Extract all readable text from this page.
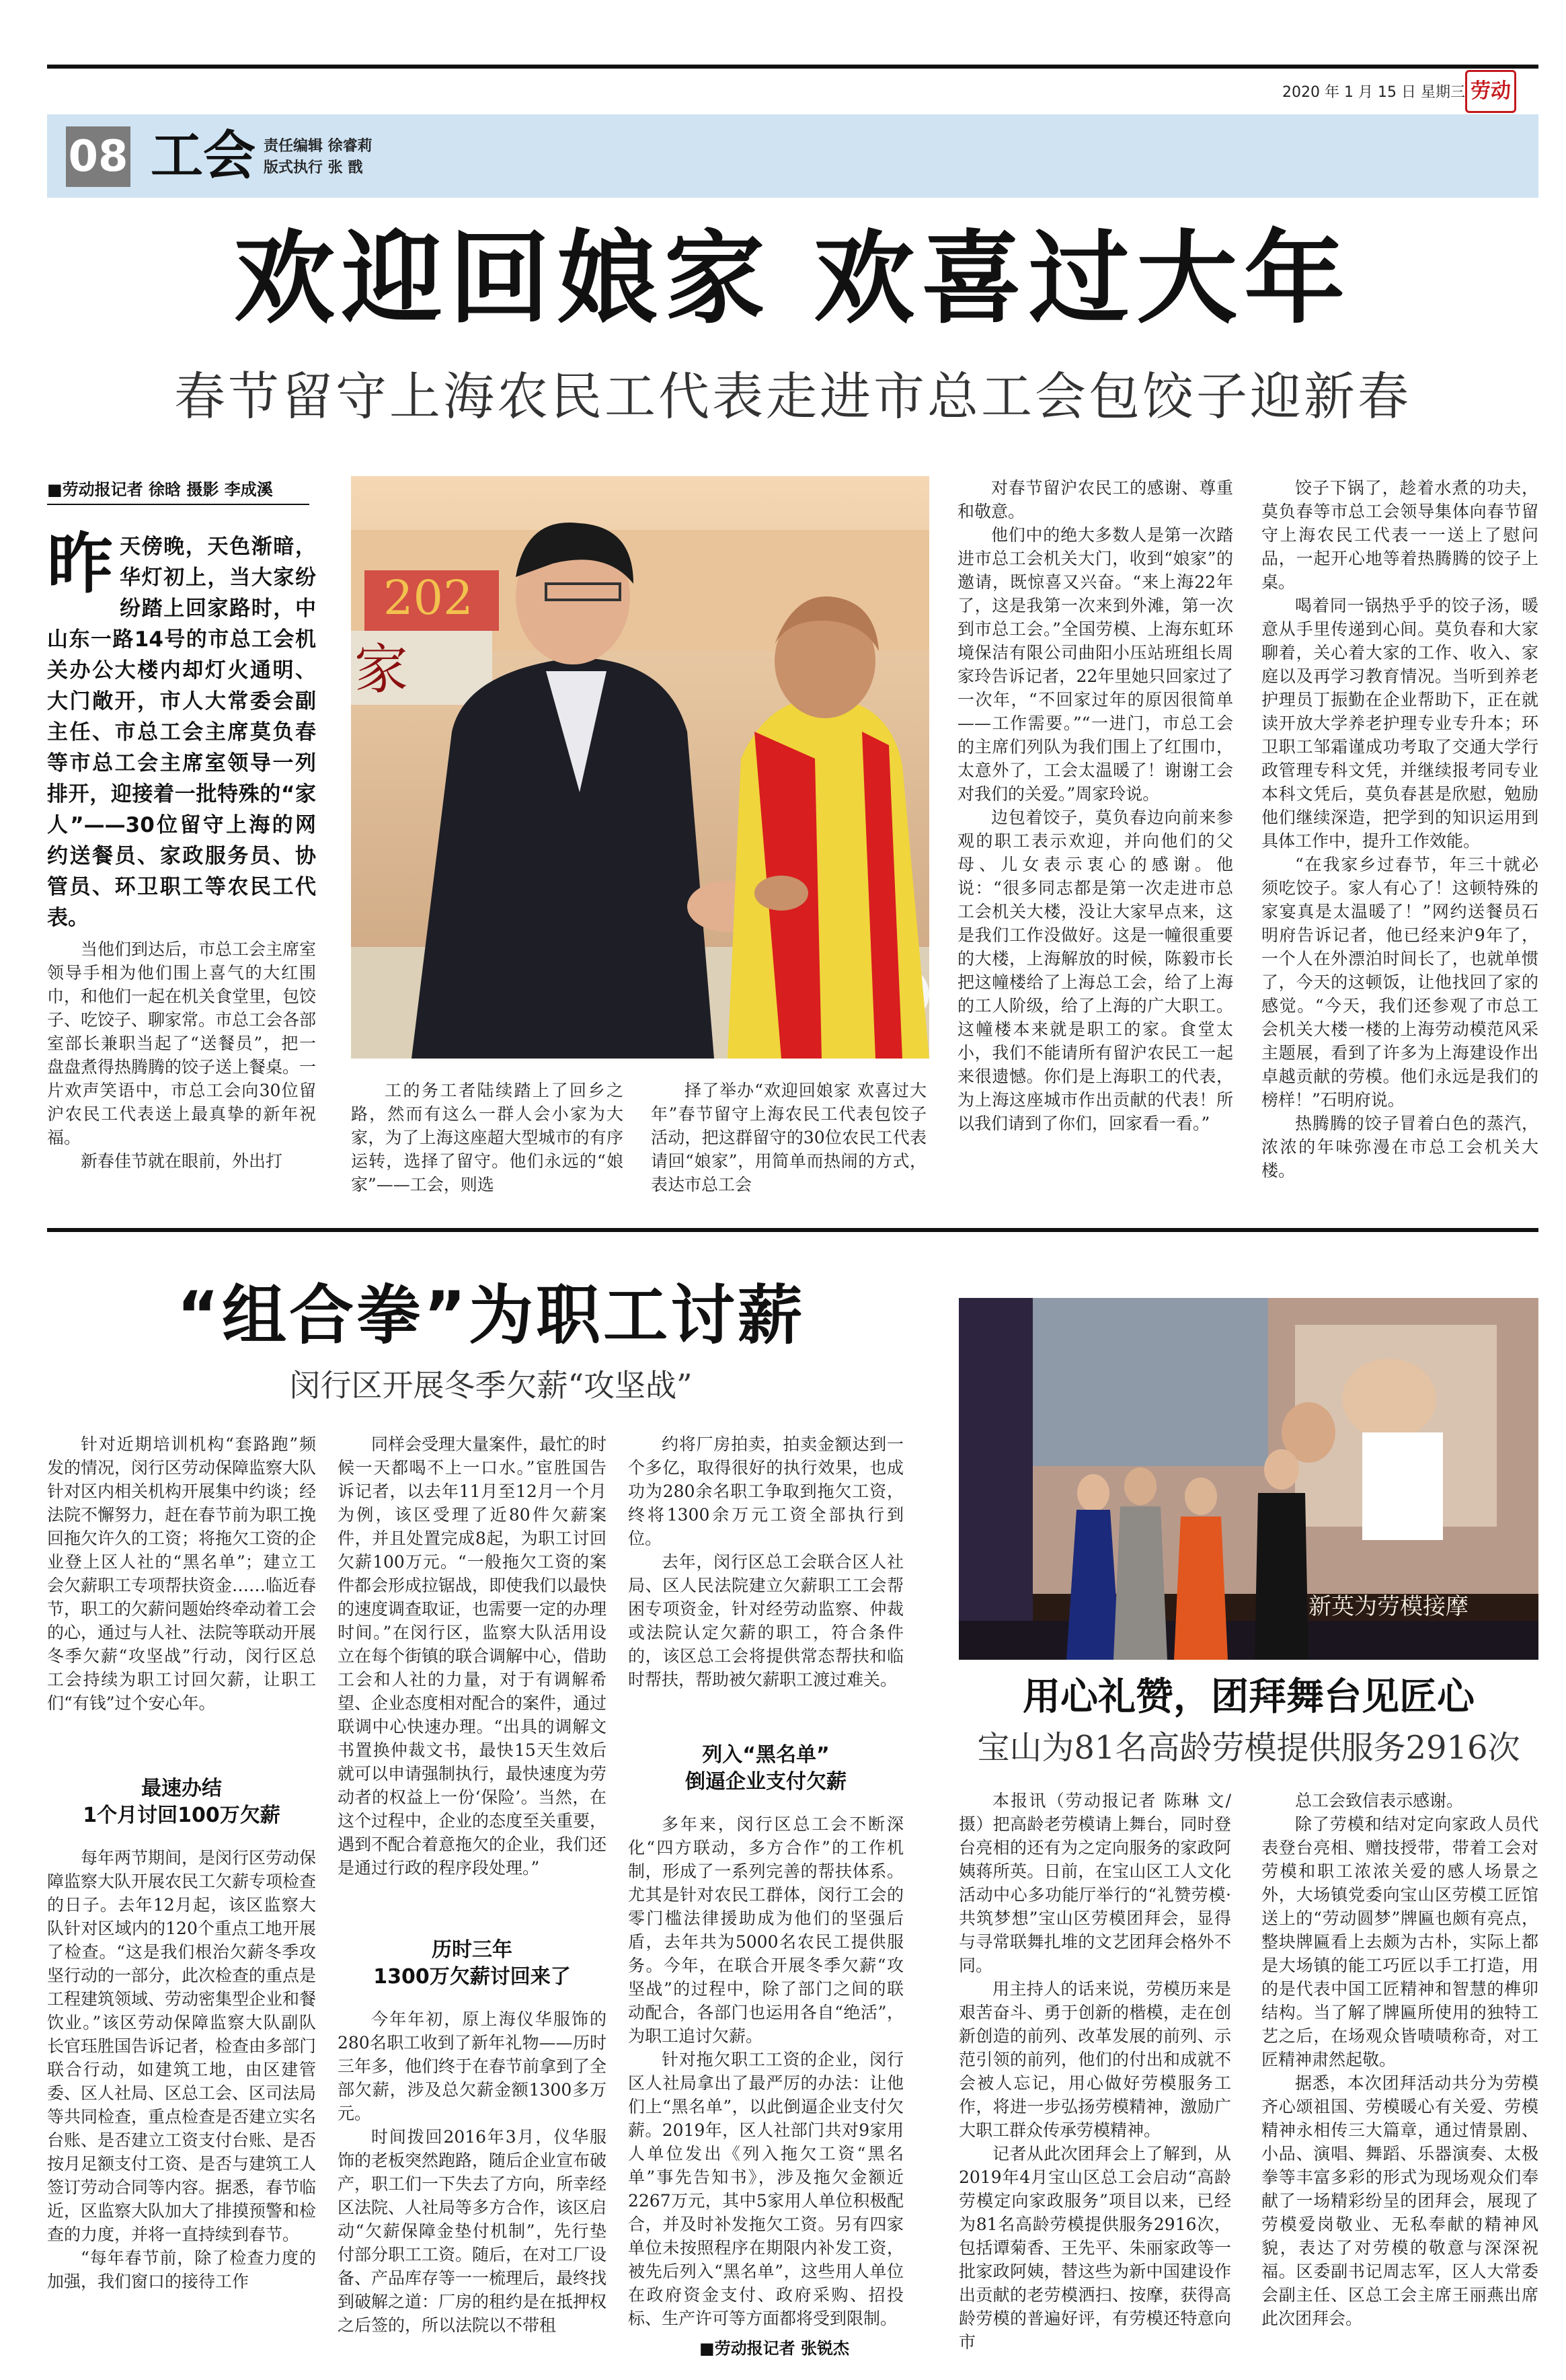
2020 年 1 月 15 日 星期三 劳动
08 工会 责任编辑 徐睿莉
版式执行 张 戬
欢迎回娘家 欢喜过大年
春节留守上海农民工代表走进市总工会包饺子迎新春
■劳动报记者 徐晗 摄影 李成溪
昨天傍晚，天色渐暗，华灯初上，当大家纷纷踏上回家路时，中山东一路14号的市总工会机关办公大楼内却灯火通明、大门敞开，市人大常委会副主任、市总工会主席莫负春等市总工会主席室领导一列排开，迎接着一批特殊的“家人”——30位留守上海的网约送餐员、家政服务员、协管员、环卫职工等农民工代表。
202
家

当他们到达后，市总工会主席室领导手相为他们围上喜气的大红围巾，和他们一起在机关食堂里，包饺子、吃饺子、聊家常。市总工会各部室部长兼职当起了“送餐员”，把一盘盘煮得热腾腾的饺子送上餐桌。一片欢声笑语中，市总工会向30位留沪农民工代表送上最真挚的新年祝福。

新春佳节就在眼前，外出打

工的务工者陆续踏上了回乡之路，然而有这么一群人会小家为大家，为了上海这座超大型城市的有序运转，选择了留守。他们永远的“娘家”——工会，则选

择了举办“欢迎回娘家 欢喜过大年”春节留守上海农民工代表包饺子活动，把这群留守的30位农民工代表请回“娘家”，用简单而热闹的方式，表达市总工会

对春节留沪农民工的感谢、尊重和敬意。

他们中的绝大多数人是第一次踏进市总工会机关大门，收到“娘家”的邀请，既惊喜又兴奋。“来上海22年了，这是我第一次来到外滩，第一次到市总工会。”全国劳模、上海东虹环境保洁有限公司曲阳小压站班组长周家玲告诉记者，22年里她只回家过了一次年，“不回家过年的原因很简单——工作需要。”“一进门，市总工会的主席们列队为我们围上了红围巾，太意外了，工会太温暖了！谢谢工会对我们的关爱。”周家玲说。

边包着饺子，莫负春边向前来参观的职工表示欢迎，并向他们的父母、儿女表示衷心的感谢。他说：“很多同志都是第一次走进市总工会机关大楼，没让大家早点来，这是我们工作没做好。这是一幢很重要的大楼，上海解放的时候，陈毅市长把这幢楼给了上海总工会，给了上海的工人阶级，给了上海的广大职工。这幢楼本来就是职工的家。食堂太小，我们不能请所有留沪农民工一起来很遗憾。你们是上海职工的代表，为上海这座城市作出贡献的代表！所以我们请到了你们，回家看一看。”

饺子下锅了，趁着水煮的功夫，莫负春等市总工会领导集体向春节留守上海农民工代表一一送上了慰问品，一起开心地等着热腾腾的饺子上桌。

喝着同一锅热乎乎的饺子汤，暖意从手里传递到心间。莫负春和大家聊着，关心着大家的工作、收入、家庭以及再学习教育情况。当听到养老护理员丁振勤在企业帮助下，正在就读开放大学养老护理专业专升本；环卫职工邹霜谨成功考取了交通大学行政管理专科文凭，并继续报考同专业本科文凭后，莫负春甚是欣慰，勉励他们继续深造，把学到的知识运用到具体工作中，提升工作效能。

“在我家乡过春节，年三十就必须吃饺子。家人有心了！这顿特殊的家宴真是太温暖了！”网约送餐员石明府告诉记者，他已经来沪9年了，一个人在外漂泊时间长了，也就单惯了，今天的这顿饭，让他找回了家的感觉。“今天，我们还参观了市总工会机关大楼一楼的上海劳动模范风采主题展，看到了许多为上海建设作出卓越贡献的劳模。他们永远是我们的榜样！”石明府说。

热腾腾的饺子冒着白色的蒸汽，浓浓的年味弥漫在市总工会机关大楼。

“组合拳”为职工讨薪
闵行区开展冬季欠薪“攻坚战”

针对近期培训机构“套路跑”频发的情况，闵行区劳动保障监察大队针对区内相关机构开展集中约谈；经法院不懈努力，赶在春节前为职工挽回拖欠许久的工资；将拖欠工资的企业登上区人社的“黑名单”；建立工会欠薪职工专项帮扶资金……临近春节，职工的欠薪问题始终牵动着工会的心，通过与人社、法院等联动开展冬季欠薪“攻坚战”行动，闵行区总工会持续为职工讨回欠薪，让职工们“有钱”过个安心年。

最速办结
1个月讨回100万欠薪

每年两节期间，是闵行区劳动保障监察大队开展农民工欠薪专项检查的日子。去年12月起，该区监察大队针对区域内的120个重点工地开展了检查。“这是我们根治欠薪冬季攻坚行动的一部分，此次检查的重点是工程建筑领域、劳动密集型企业和餐饮业。”该区劳动保障监察大队副队长官珏胜国告诉记者，检查由多部门联合行动，如建筑工地，由区建管委、区人社局、区总工会、区司法局等共同检查，重点检查是否建立实名台账、是否建立工资支付台账、是否按月足额支付工资、是否与建筑工人签订劳动合同等内容。据悉，春节临近，区监察大队加大了排摸预警和检查的力度，并将一直持续到春节。

“每年春节前，除了检查力度的加强，我们窗口的接待工作

同样会受理大量案件，最忙的时候一天都喝不上一口水。”宦胜国告诉记者，以去年11月至12月一个月为例，该区受理了近80件欠薪案件，并且处置完成8起，为职工讨回欠薪100万元。“一般拖欠工资的案件都会形成拉锯战，即使我们以最快的速度调查取证，也需要一定的办理时间。”在闵行区，监察大队活用设立在每个街镇的联合调解中心，借助工会和人社的力量，对于有调解希望、企业态度相对配合的案件，通过联调中心快速办理。“出具的调解文书置换仲裁文书，最快15天生效后就可以申请强制执行，最快速度为劳动者的权益上一份‘保险’。当然，在这个过程中，企业的态度至关重要，遇到不配合着意拖欠的企业，我们还是通过行政的程序段处理。”

历时三年
1300万欠薪讨回来了

今年年初，原上海仪华服饰的280名职工收到了新年礼物——历时三年多，他们终于在春节前拿到了全部欠薪，涉及总欠薪金额1300多万元。

时间拨回2016年3月，仪华服饰的老板突然跑路，随后企业宣布破产，职工们一下失去了方向，所幸经区法院、人社局等多方合作，该区启动“欠薪保障金垫付机制”，先行垫付部分职工工资。随后，在对工厂设备、产品库存等一一梳理后，最终找到破解之道：厂房的租约是在抵押权之后签的，所以法院以不带租

约将厂房拍卖，拍卖金额达到一个多亿，取得很好的执行效果，也成功为280余名职工争取到拖欠工资，终将1300余万元工资全部执行到位。

去年，闵行区总工会联合区人社局、区人民法院建立欠薪职工工会帮困专项资金，针对经劳动监察、仲裁或法院认定欠薪的职工，符合条件的，该区总工会将提供常态帮扶和临时帮扶，帮助被欠薪职工渡过难关。

列入“黑名单”
倒逼企业支付欠薪

多年来，闵行区总工会不断深化“四方联动，多方合作”的工作机制，形成了一系列完善的帮扶体系。尤其是针对农民工群体，闵行工会的零门槛法律援助成为他们的坚强后盾，去年共为5000名农民工提供服务。今年，在联合开展冬季欠薪“攻坚战”的过程中，除了部门之间的联动配合，各部门也运用各自“绝活”，为职工追讨欠薪。

针对拖欠职工工资的企业，闵行区人社局拿出了最严厉的办法：让他们上“黑名单”，以此倒逼企业支付欠薪。2019年，区人社部门共对9家用人单位发出《列入拖欠工资“黑名单”事先告知书》，涉及拖欠金额近2267万元，其中5家用人单位积极配合，并及时补发拖欠工资。另有四家单位未按照程序在期限内补发工资，被先后列入“黑名单”，这些用人单位在政府资金支付、政府采购、招投标、生产许可等方面都将受到限制。

■劳动报记者 张锐杰
新英为劳模接摩
用心礼赞，团拜舞台见匠心
宝山为81名高龄劳模提供服务2916次

本报讯（劳动报记者 陈琳 文/摄）把高龄老劳模请上舞台，同时登台亮相的还有为之定向服务的家政阿姨蒋所英。日前，在宝山区工人文化活动中心多功能厅举行的“礼赞劳模·共筑梦想”宝山区劳模团拜会，显得与寻常联舞扎堆的文艺团拜会格外不同。

用主持人的话来说，劳模历来是艰苦奋斗、勇于创新的楷模，走在创新创造的前列、改革发展的前列、示范引领的前列，他们的付出和成就不会被人忘记，用心做好劳模服务工作，将进一步弘扬劳模精神，激励广大职工群众传承劳模精神。

记者从此次团拜会上了解到，从2019年4月宝山区总工会启动“高龄劳模定向家政服务”项目以来，已经为81名高龄劳模提供服务2916次，包括谭菊香、王先平、朱丽家政等一批家政阿姨，替这些为新中国建设作出贡献的老劳模洒扫、按摩，获得高龄劳模的普遍好评，有劳模还特意向市

总工会致信表示感谢。

除了劳模和结对定向家政人员代表登台亮相、赠技授带，带着工会对劳模和职工浓浓关爱的感人场景之外，大场镇党委向宝山区劳模工匠馆送上的“劳动圆梦”牌匾也颇有亮点，整块牌匾看上去颇为古朴，实际上都是大场镇的能工巧匠以手工打造，用的是代表中国工匠精神和智慧的榫卯结构。当了解了牌匾所使用的独特工艺之后，在场观众皆啧啧称奇，对工匠精神肃然起敬。

据悉，本次团拜活动共分为劳模齐心颂祖国、劳模暖心有关爱、劳模精神永相传三大篇章，通过情景剧、小品、演唱、舞蹈、乐器演奏、太极拳等丰富多彩的形式为现场观众们奉献了一场精彩纷呈的团拜会，展现了劳模爱岗敬业、无私奉献的精神风貌，表达了对劳模的敬意与深深祝福。区委副书记周志军，区人大常委会副主任、区总工会主席王丽燕出席此次团拜会。
